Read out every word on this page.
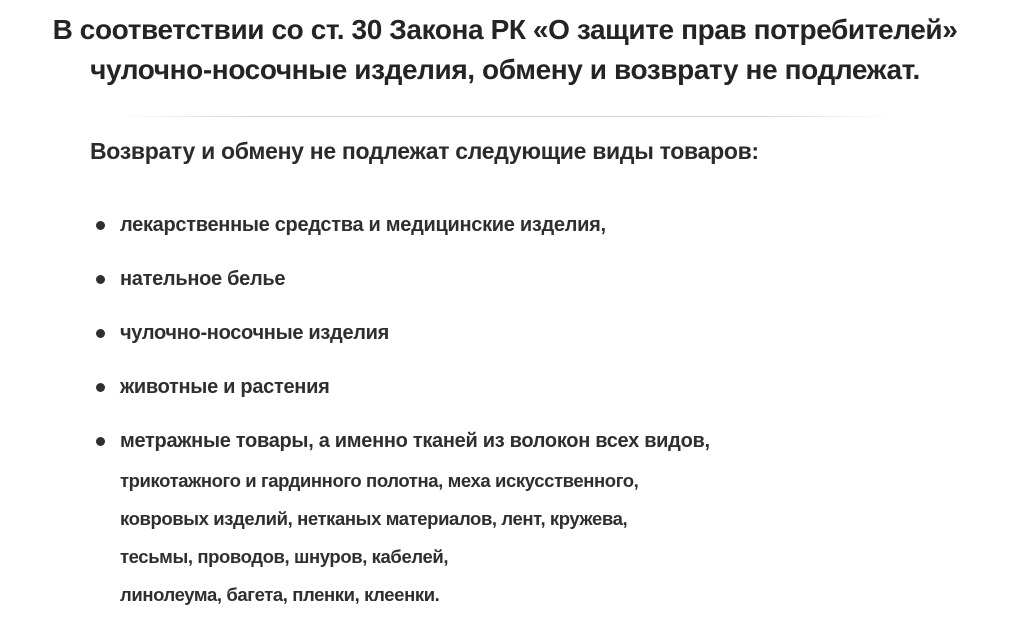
В соответствии со ст. 30 Закона РК «О защите прав потребителей»
чулочно-носочные изделия, обмену и возврату не подлежат.
Возврату и обмену не подлежат следующие виды товаров:
лекарственные средства и медицинские изделия,
нательное белье
чулочно-носочные изделия
животные и растения
метражные товары, а именно тканей из волокон всех видов,
трикотажного и гардинного полотна, меха искусственного,
ковровых изделий, нетканых материалов, лент, кружева,
тесьмы, проводов, шнуров, кабелей,
линолеума, багета, пленки, клеенки.
